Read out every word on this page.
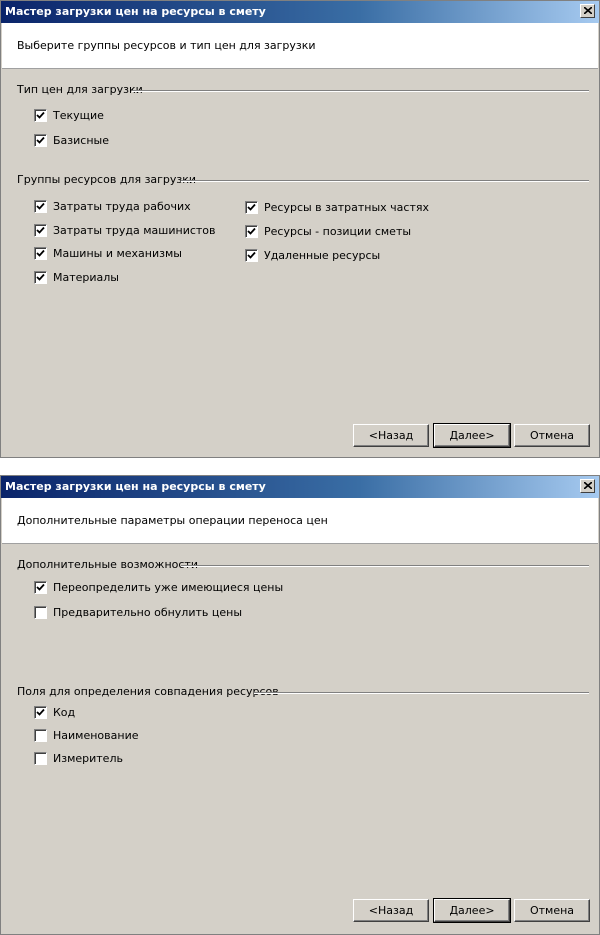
Мастер загрузки цен на ресурсы в смету
Выберите группы ресурсов и тип цен для загрузки
Тип цен для загрузки
Текущие
Базисные
Группы ресурсов для загрузки
Затраты труда рабочих
Затраты труда машинистов
Машины и механизмы
Материалы
Ресурсы в затратных частях
Ресурсы - позиции сметы
Удаленные ресурсы
<Назад	Далее>	Отмена
Мастер загрузки цен на ресурсы в смету
Дополнительные параметры операции переноса цен
Дополнительные возможности
Переопределить уже имеющиеся цены
Предварительно обнулить цены
Поля для определения совпадения ресурсов
Код
Наименование
Измеритель
<Назад	Далее>	Отмена
